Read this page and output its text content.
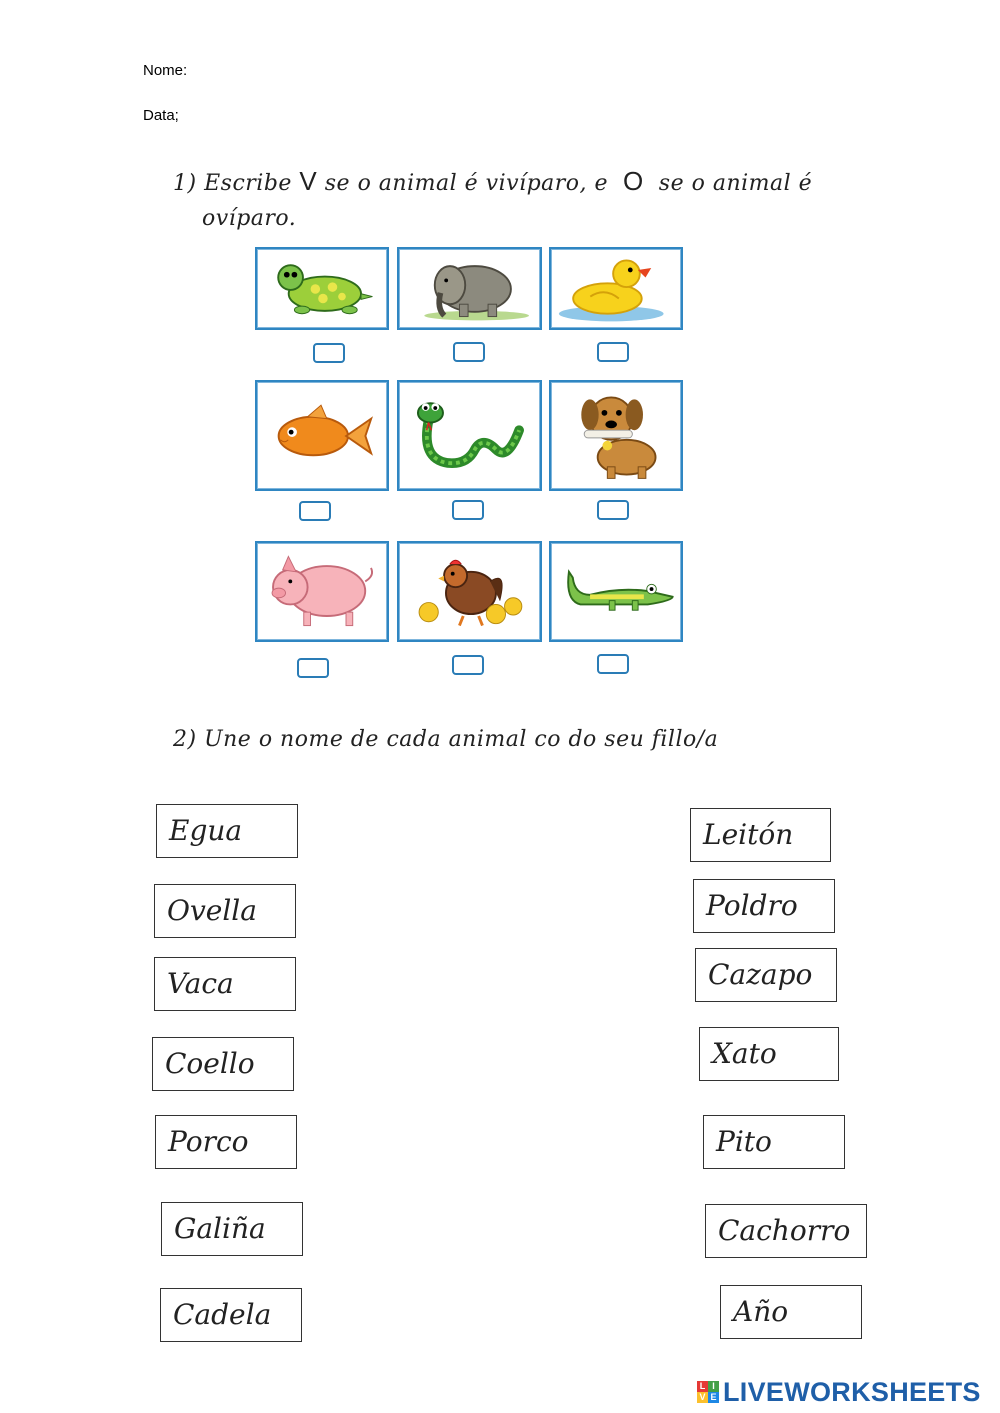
Nome:
Data;
1) Escribe V se o animal é vivíparo, e O se o animal é
ovíparo.
2) Une o nome de cada animal co do seu fillo/a
Egua
Ovella
Vaca
Coello
Porco
Galiña
Cadela
Leitón
Poldro
Cazapo
Xato
Pito
Cachorro
Año
L I
V E LIVEWORKSHEETS
